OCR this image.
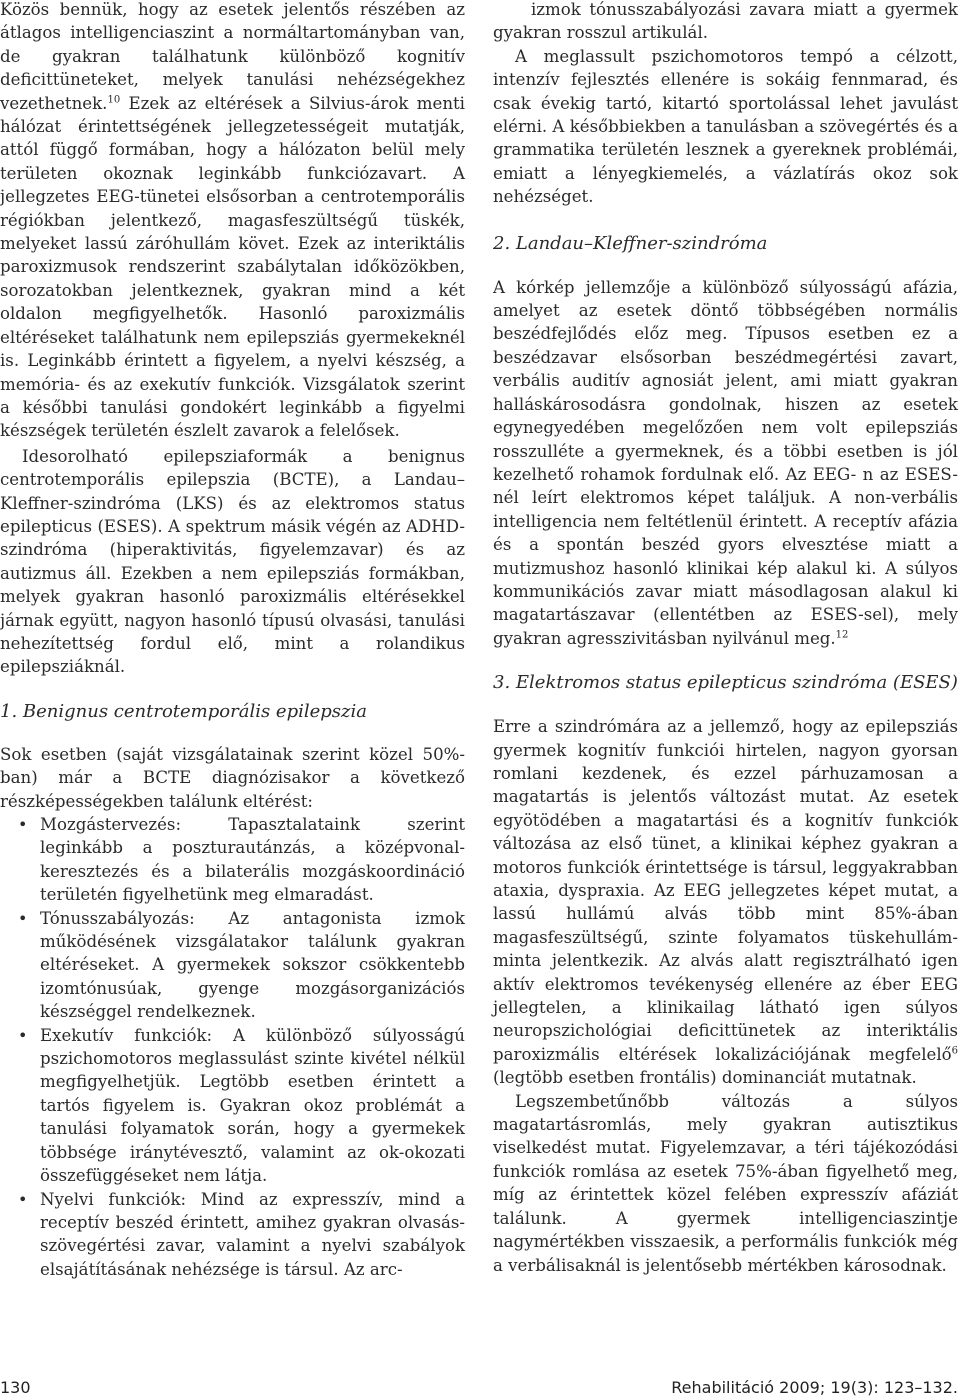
Közös bennük, hogy az esetek jelentős részében az átlagos intelligenciaszint a normáltartományban van, de gyakran találhatunk különböző kognitív deficittüneteket, melyek tanulási nehézségekhez vezethetnek.$^{10}$ Ezek az eltérések a Silvius-árok menti hálózat érintettségének jellegzetességeit mutatják, attól függő formában, hogy a hálózaton belül mely területen okoznak leginkább funkciózavart. A jellegzetes EEG-tünetei elsősorban a centrotemporális régiókban jelentkező, magasfeszültségű tüskék, melyeket lassú záróhullám követ. Ezek az interiktális paroxizmusok rendszerint szabálytalan időközökben, sorozatokban jelentkeznek, gyakran mind a két oldalon megfigyelhetők. Hasonló paroxizmális eltéréseket találhatunk nem epilepsziás gyermekeknél is. Leginkább érintett a figyelem, a nyelvi készség, a memória- és az exekutív funkciók. Vizsgálatok szerint a későbbi tanulási gondokért leginkább a figyelmi készségek területén észlelt zavarok a felelősek.

Idesorolható epilepsziaformák a benignus centrotemporális epilepszia (BCTE), a Landau–Kleffner-szindróma (LKS) és az elektromos status epilepticus (ESES). A spektrum másik végén az ADHD-szindróma (hiperaktivitás, figyelemzavar) és az autizmus áll. Ezekben a nem epilepsziás formákban, melyek gyakran hasonló paroxizmális eltérésekkel járnak együtt, nagyon hasonló típusú olvasási, tanulási nehezítettség fordul elő, mint a rolandikus epilepsziáknál.

1. Benignus centrotemporális epilepszia

Sok esetben (saját vizsgálatainak szerint közel 50%-ban) már a BCTE diagnózisakor a következő részképességekben találunk eltérést:

• Mozgástervezés: Tapasztalataink szerint leginkább a poszturautánzás, a középvonal-keresztezés és a bilaterális mozgáskoordináció területén figyelhetünk meg elmaradást.
• Tónusszabályozás: Az antagonista izmok működésének vizsgálatakor találunk gyakran eltéréseket. A gyermekek sokszor csökkentebb izomtónusúak, gyenge mozgásorganizációs készséggel rendelkeznek.
• Exekutív funkciók: A különböző súlyosságú pszichomotoros meglassulást szinte kivétel nélkül megfigyelhetjük. Legtöbb esetben érintett a tartós figyelem is. Gyakran okoz problémát a tanulási folyamatok során, hogy a gyermekek többsége iránytévesztő, valamint az ok-okozati összefüggéseket nem látja.
• Nyelvi funkciók: Mind az expresszív, mind a receptív beszéd érintett, amihez gyakran olvasás-szövegértési zavar, valamint a nyelvi szabályok elsajátításának nehézsége is társul. Az arc-

izmok tónusszabályozási zavara miatt a gyermek gyakran rosszul artikulál.

A meglassult pszichomotoros tempó a célzott, intenzív fejlesztés ellenére is sokáig fennmarad, és csak évekig tartó, kitartó sportolással lehet javulást elérni. A későbbiekben a tanulásban a szövegértés és a grammatika területén lesznek a gyereknek problémái, emiatt a lényegkiemelés, a vázlatírás okoz sok nehézséget.

2. Landau–Kleffner-szindróma

A kórkép jellemzője a különböző súlyosságú afázia, amelyet az esetek döntő többségében normális beszédfejlődés előz meg. Típusos esetben ez a beszédzavar elsősorban beszédmegértési zavart, verbális auditív agnosiát jelent, ami miatt gyakran halláskárosodásra gondolnak, hiszen az esetek egynegyedében megelőzően nem volt epilepsziás rosszulléte a gyermeknek, és a többi esetben is jól kezelhető rohamok fordulnak elő. Az EEG- n az ESES-nél leírt elektromos képet találjuk. A non-verbális intelligencia nem feltétlenül érintett. A receptív afázia és a spontán beszéd gyors elvesztése miatt a mutizmushoz hasonló klinikai kép alakul ki. A súlyos kommunikációs zavar miatt másodlagosan alakul ki magatartászavar (ellentétben az ESES-sel), mely gyakran agresszivitásban nyilvánul meg.$^{12}$

3. Elektromos status epilepticus szindróma (ESES)

Erre a szindrómára az a jellemző, hogy az epilepsziás gyermek kognitív funkciói hirtelen, nagyon gyorsan romlani kezdenek, és ezzel párhuzamosan a magatartás is jelentős változást mutat. Az esetek egyötödében a magatartási és a kognitív funkciók változása az első tünet, a klinikai képhez gyakran a motoros funkciók érintettsége is társul, leggyakrabban ataxia, dyspraxia. Az EEG jellegzetes képet mutat, a lassú hullámú alvás több mint 85%-ában magasfeszültségű, szinte folyamatos tüskehullám-minta jelentkezik. Az alvás alatt regisztrálható igen aktív elektromos tevékenység ellenére az éber EEG jellegtelen, a klinikailag látható igen súlyos neuropszichológiai deficittünetek az interiktális paroxizmális eltérések lokalizációjának megfelelő$^6$ (legtöbb esetben frontális) dominanciát mutatnak.

Legszembetűnőbb változás a súlyos magatartásromlás, mely gyakran autisztikus viselkedést mutat. Figyelemzavar, a téri tájékozódási funkciók romlása az esetek 75%-ában figyelhető meg, míg az érintettek közel felében expresszív afáziát találunk. A gyermek intelligenciaszintje nagymértékben visszaesik, a performális funkciók még a verbálisaknál is jelentősebb mértékben károsodnak.

130	Rehabilitáció 2009; 19(3): 123–132.
